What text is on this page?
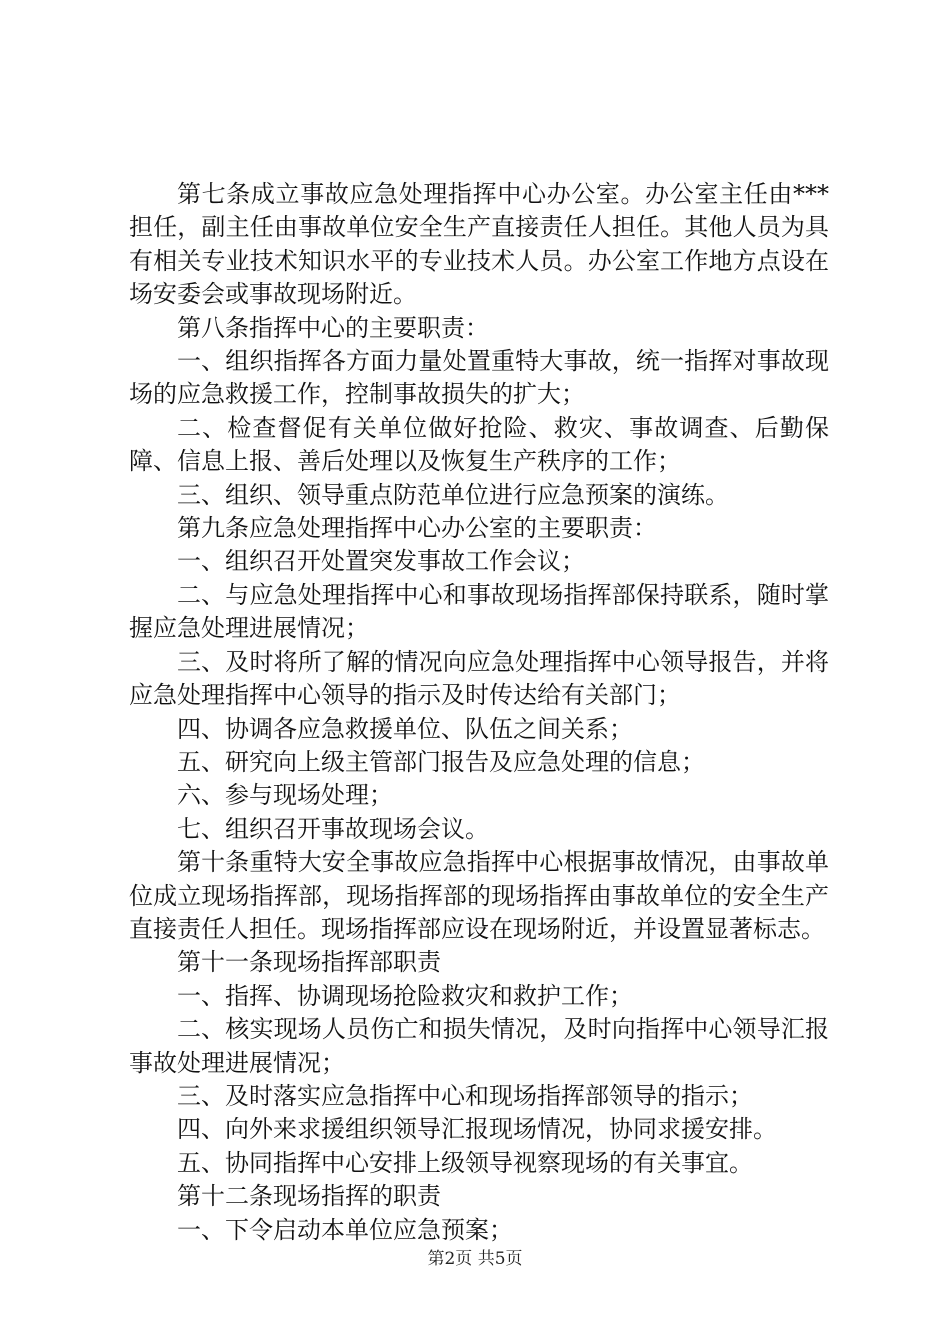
第七条成立事故应急处理指挥中心办公室。办公室主任由***担任，副主任由事故单位安全生产直接责任人担任。其他人员为具有相关专业技术知识水平的专业技术人员。办公室工作地方点设在场安委会或事故现场附近。

第八条指挥中心的主要职责：

一、组织指挥各方面力量处置重特大事故，统一指挥对事故现场的应急救援工作，控制事故损失的扩大；

二、检查督促有关单位做好抢险、救灾、事故调查、后勤保障、信息上报、善后处理以及恢复生产秩序的工作；

三、组织、领导重点防范单位进行应急预案的演练。

第九条应急处理指挥中心办公室的主要职责：

一、组织召开处置突发事故工作会议；

二、与应急处理指挥中心和事故现场指挥部保持联系，随时掌握应急处理进展情况；

三、及时将所了解的情况向应急处理指挥中心领导报告，并将应急处理指挥中心领导的指示及时传达给有关部门；

四、协调各应急救援单位、队伍之间关系；

五、研究向上级主管部门报告及应急处理的信息；

六、参与现场处理；

七、组织召开事故现场会议。

第十条重特大安全事故应急指挥中心根据事故情况，由事故单位成立现场指挥部，现场指挥部的现场指挥由事故单位的安全生产直接责任人担任。现场指挥部应设在现场附近，并设置显著标志。

第十一条现场指挥部职责

一、指挥、协调现场抢险救灾和救护工作；

二、核实现场人员伤亡和损失情况，及时向指挥中心领导汇报事故处理进展情况；

三、及时落实应急指挥中心和现场指挥部领导的指示；

四、向外来求援组织领导汇报现场情况，协同求援安排。

五、协同指挥中心安排上级领导视察现场的有关事宜。

第十二条现场指挥的职责

一、下令启动本单位应急预案；

第2页 共5页
